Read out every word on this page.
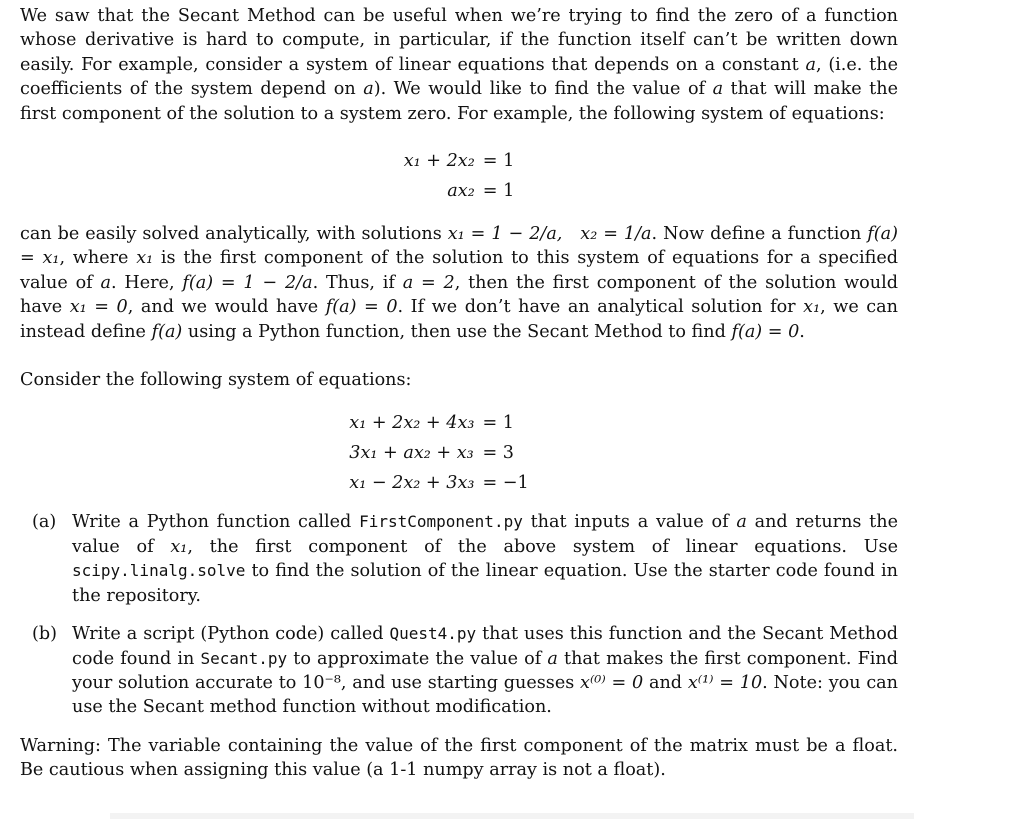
We saw that the Secant Method can be useful when we’re trying to find the zero of a function whose derivative is hard to compute, in particular, if the function itself can’t be written down easily. For example, consider a system of linear equations that depends on a constant a, (i.e. the coefficients of the system depend on a). We would like to find the value of a that will make the first component of the solution to a system zero. For example, the following system of equations:

x₁ + 2x₂ = 1
ax₂ = 1

can be easily solved analytically, with solutions x₁ = 1 − 2/a, x₂ = 1/a. Now define a function f(a) = x₁, where x₁ is the first component of the solution to this system of equations for a specified value of a. Here, f(a) = 1 − 2/a. Thus, if a = 2, then the first component of the solution would have x₁ = 0, and we would have f(a) = 0. If we don’t have an analytical solution for x₁, we can instead define f(a) using a Python function, then use the Secant Method to find f(a) = 0.

Consider the following system of equations:

x₁ + 2x₂ + 4x₃ = 1
3x₁ + ax₂ + x₃ = 3
x₁ − 2x₂ + 3x₃ = −1
(a) Write a Python function called FirstComponent.py that inputs a value of a and returns the value of x₁, the first component of the above system of linear equations. Use scipy.linalg.solve to find the solution of the linear equation. Use the starter code found in the repository.

(b) Write a script (Python code) called Quest4.py that uses this function and the Secant Method code found in Secant.py to approximate the value of a that makes the first component. Find your solution accurate to 10⁻⁸, and use starting guesses x⁽⁰⁾ = 0 and x⁽¹⁾ = 10. Note: you can use the Secant method function without modification.

Warning: The variable containing the value of the first component of the matrix must be a float. Be cautious when assigning this value (a 1-1 numpy array is not a float).
